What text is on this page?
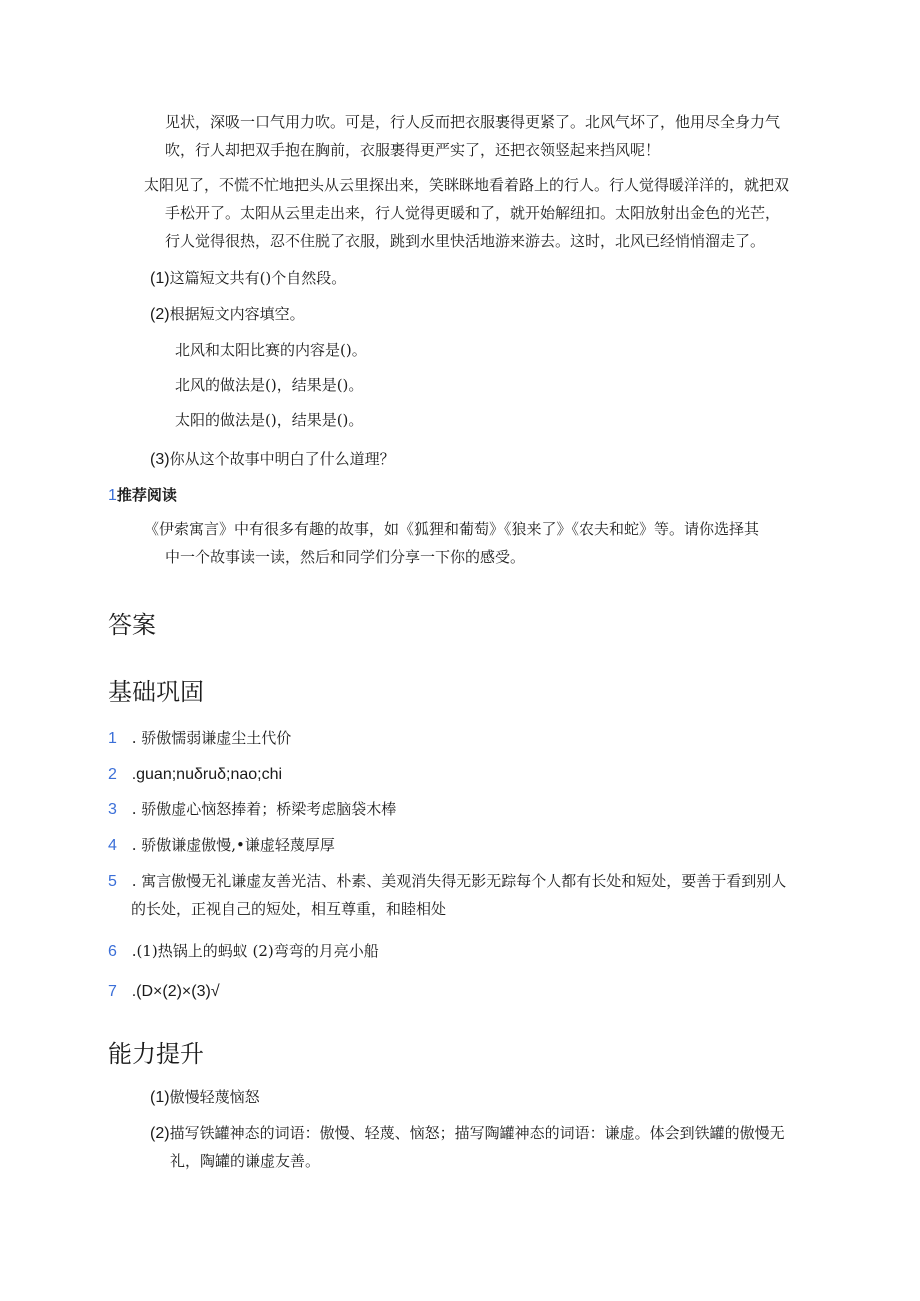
见状，深吸一口气用力吹。可是，行人反而把衣服裹得更紧了。北风气坏了，他用尽全身力气
吹，行人却把双手抱在胸前，衣服裹得更严实了，还把衣领竖起来挡风呢！
太阳见了，不慌不忙地把头从云里探出来，笑眯眯地看着路上的行人。行人觉得暖洋洋的，就把双
手松开了。太阳从云里走出来，行人觉得更暖和了，就开始解纽扣。太阳放射出金色的光芒，
行人觉得很热，忍不住脱了衣服，跳到水里快活地游来游去。这时，北风已经悄悄溜走了。
(1)这篇短文共有()个自然段。
(2)根据短文内容填空。
北风和太阳比赛的内容是()。
北风的做法是()，结果是()。
太阳的做法是()，结果是()。
(3)你从这个故事中明白了什么道理？
1推荐阅读
《伊索寓言》中有很多有趣的故事，如《狐狸和葡萄》《狼来了》《农夫和蛇》等。请你选择其
中一个故事读一读，然后和同学们分享一下你的感受。
答案
基础巩固
1 . 骄傲懦弱谦虚尘土代价
2 .guan;nuδruδ;nao;chi
3 . 骄傲虚心恼怒捧着；桥梁考虑脑袋木棒
4 . 骄傲谦虚傲慢,•谦虚轻蔑厚厚
5 . 寓言傲慢无礼谦虚友善光洁、朴素、美观消失得无影无踪每个人都有长处和短处，要善于看到别人
的长处，正视自己的短处，相互尊重，和睦相处
6 .(1)热锅上的蚂蚁 (2)弯弯的月亮小船
7 .(D×(2)×(3)√
能力提升
(1)傲慢轻蔑恼怒
(2)描写铁罐神态的词语：傲慢、轻蔑、恼怒；描写陶罐神态的词语：谦虚。体会到铁罐的傲慢无
礼，陶罐的谦虚友善。
